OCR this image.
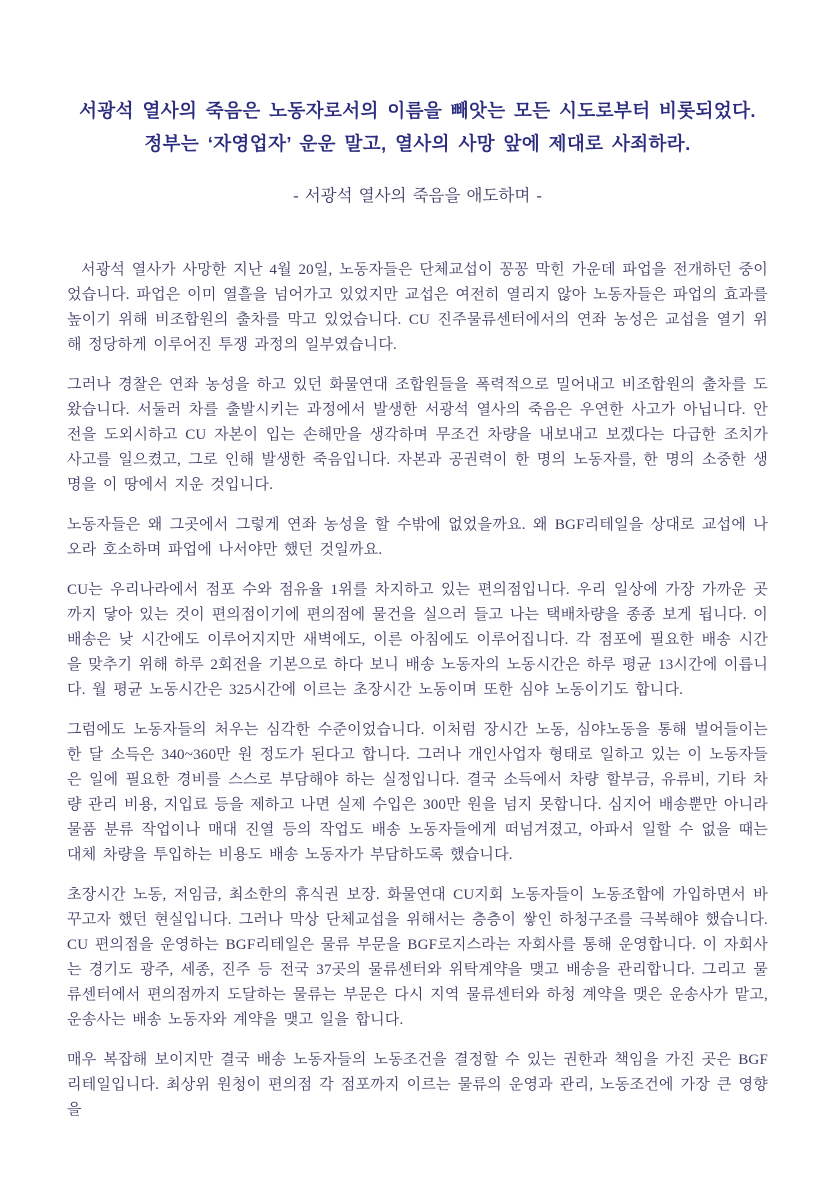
서광석 열사의 죽음은 노동자로서의 이름을 빼앗는 모든 시도로부터 비롯되었다.
정부는 ‘자영업자’ 운운 말고, 열사의 사망 앞에 제대로 사죄하라.
- 서광석 열사의 죽음을 애도하며 -

서광석 열사가 사망한 지난 4월 20일, 노동자들은 단체교섭이 꽁꽁 막힌 가운데 파업을 전개하던 중이었습니다. 파업은 이미 열흘을 넘어가고 있었지만 교섭은 여전히 열리지 않아 노동자들은 파업의 효과를 높이기 위해 비조합원의 출차를 막고 있었습니다. CU 진주물류센터에서의 연좌 농성은 교섭을 열기 위해 정당하게 이루어진 투쟁 과정의 일부였습니다.

그러나 경찰은 연좌 농성을 하고 있던 화물연대 조합원들을 폭력적으로 밀어내고 비조합원의 출차를 도왔습니다. 서둘러 차를 출발시키는 과정에서 발생한 서광석 열사의 죽음은 우연한 사고가 아닙니다. 안전을 도외시하고 CU 자본이 입는 손해만을 생각하며 무조건 차량을 내보내고 보겠다는 다급한 조치가 사고를 일으켰고, 그로 인해 발생한 죽음입니다. 자본과 공권력이 한 명의 노동자를, 한 명의 소중한 생명을 이 땅에서 지운 것입니다.

노동자들은 왜 그곳에서 그렇게 연좌 농성을 할 수밖에 없었을까요. 왜 BGF리테일을 상대로 교섭에 나오라 호소하며 파업에 나서야만 했던 것일까요.

CU는 우리나라에서 점포 수와 점유율 1위를 차지하고 있는 편의점입니다. 우리 일상에 가장 가까운 곳까지 닿아 있는 것이 편의점이기에 편의점에 물건을 실으러 들고 나는 택배차량을 종종 보게 됩니다. 이 배송은 낮 시간에도 이루어지지만 새벽에도, 이른 아침에도 이루어집니다. 각 점포에 필요한 배송 시간을 맞추기 위해 하루 2회전을 기본으로 하다 보니 배송 노동자의 노동시간은 하루 평균 13시간에 이릅니다. 월 평균 노동시간은 325시간에 이르는 초장시간 노동이며 또한 심야 노동이기도 합니다.

그럼에도 노동자들의 처우는 심각한 수준이었습니다. 이처럼 장시간 노동, 심야노동을 통해 벌어들이는 한 달 소득은 340~360만 원 정도가 된다고 합니다. 그러나 개인사업자 형태로 일하고 있는 이 노동자들은 일에 필요한 경비를 스스로 부담해야 하는 실정입니다. 결국 소득에서 차량 할부금, 유류비, 기타 차량 관리 비용, 지입료 등을 제하고 나면 실제 수입은 300만 원을 넘지 못합니다. 심지어 배송뿐만 아니라 물품 분류 작업이나 매대 진열 등의 작업도 배송 노동자들에게 떠넘겨졌고, 아파서 일할 수 없을 때는 대체 차량을 투입하는 비용도 배송 노동자가 부담하도록 했습니다.

초장시간 노동, 저임금, 최소한의 휴식권 보장. 화물연대 CU지회 노동자들이 노동조합에 가입하면서 바꾸고자 했던 현실입니다. 그러나 막상 단체교섭을 위해서는 층층이 쌓인 하청구조를 극복해야 했습니다. CU 편의점을 운영하는 BGF리테일은 물류 부문을 BGF로지스라는 자회사를 통해 운영합니다. 이 자회사는 경기도 광주, 세종, 진주 등 전국 37곳의 물류센터와 위탁계약을 맺고 배송을 관리합니다. 그리고 물류센터에서 편의점까지 도달하는 물류는 부문은 다시 지역 물류센터와 하청 계약을 맺은 운송사가 맡고, 운송사는 배송 노동자와 계약을 맺고 일을 합니다.

매우 복잡해 보이지만 결국 배송 노동자들의 노동조건을 결정할 수 있는 권한과 책임을 가진 곳은 BGF리테일입니다. 최상위 원청이 편의점 각 점포까지 이르는 물류의 운영과 관리, 노동조건에 가장 큰 영향을
